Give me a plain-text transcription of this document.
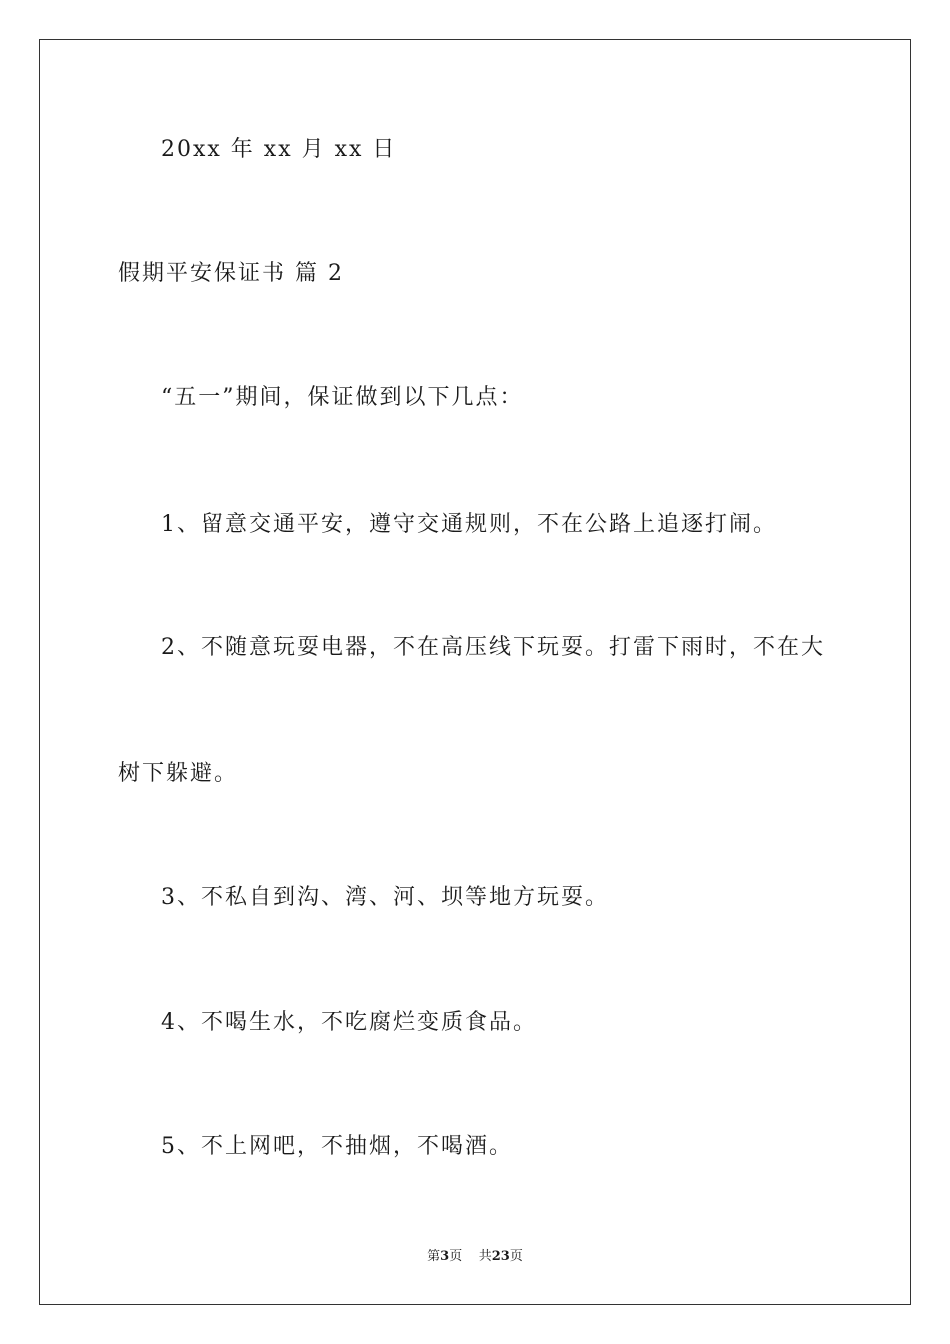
20xx 年 xx 月 xx 日
假期平安保证书 篇 2
“五一”期间，保证做到以下几点：
1、留意交通平安，遵守交通规则，不在公路上追逐打闹。
2、不随意玩耍电器，不在高压线下玩耍。打雷下雨时，不在大
树下躲避。
3、不私自到沟、湾、河、坝等地方玩耍。
4、不喝生水，不吃腐烂变质食品。
5、不上网吧，不抽烟，不喝酒。
第3页 共23页
